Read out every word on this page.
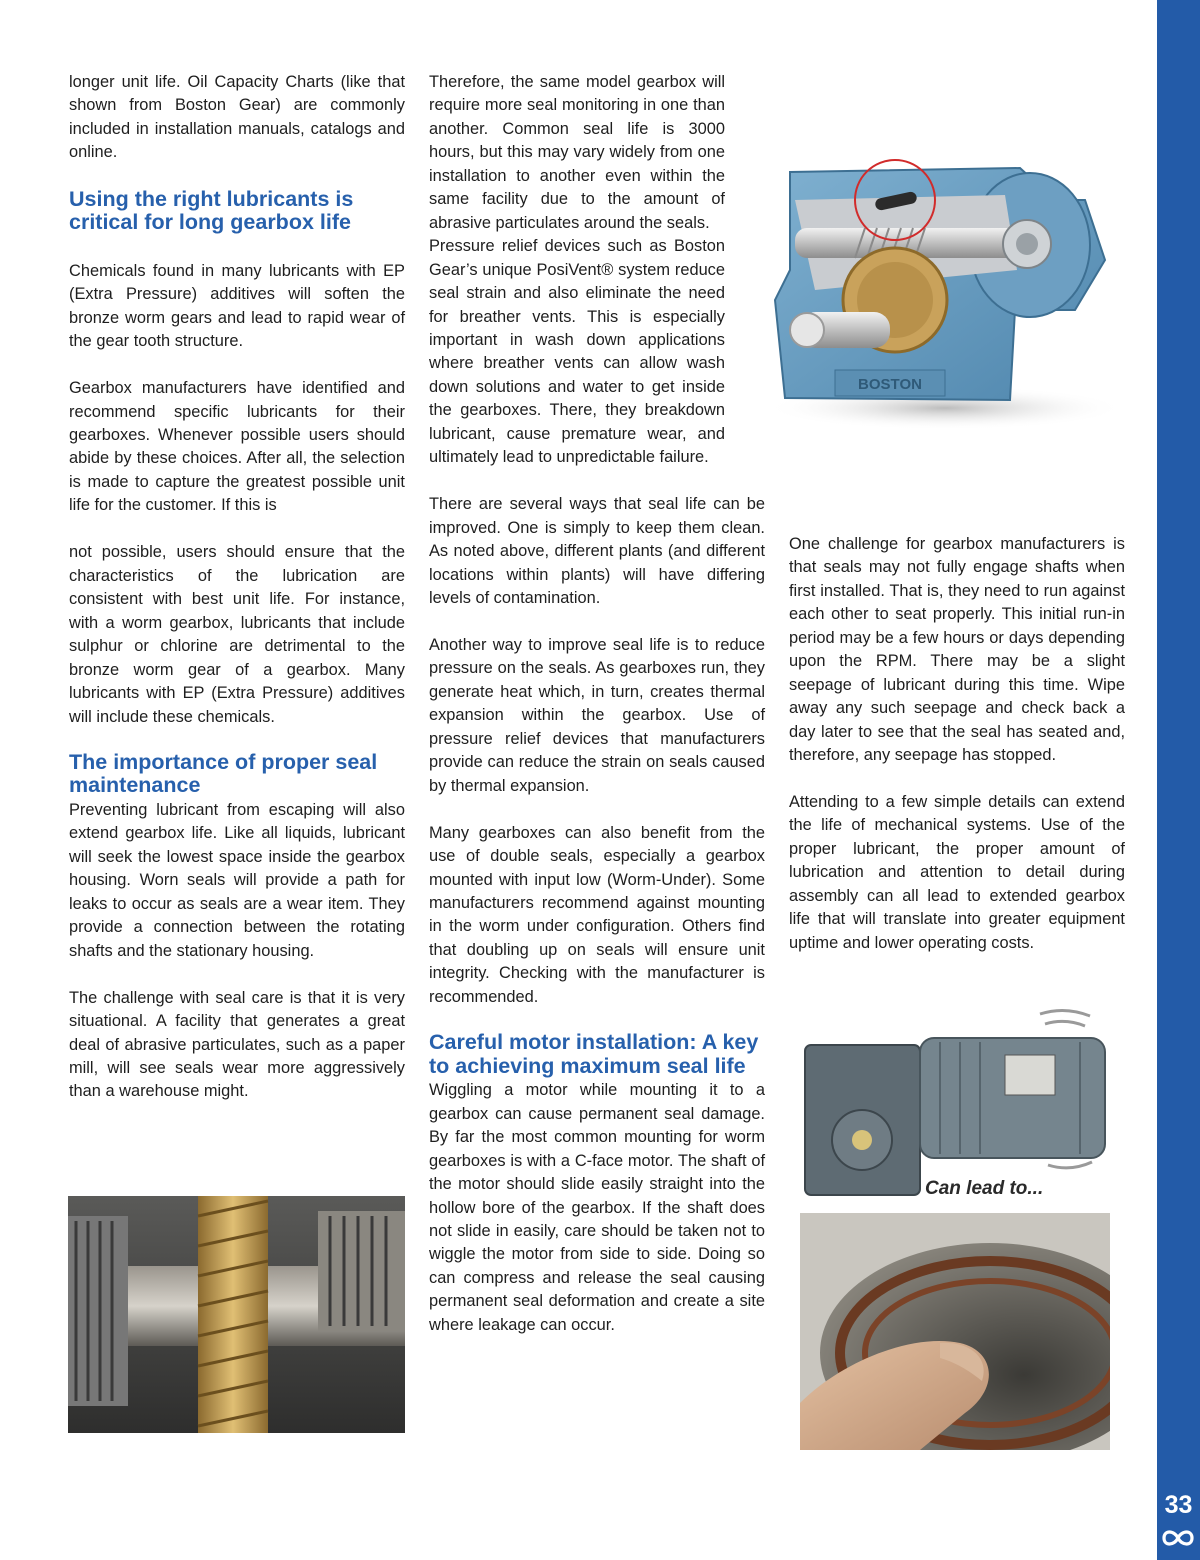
33

longer unit life. Oil Capacity Charts (like that shown from Boston Gear) are commonly included in installation manuals, catalogs and online.

Using the right lubricants is critical for long gearbox life

Chemicals found in many lubricants with EP (Extra Pressure) additives will soften the bronze worm gears and lead to rapid wear of the gear tooth structure.

Gearbox manufacturers have identified and recommend specific lubricants for their gearboxes. Whenever possible users should abide by these choices. After all, the selection is made to capture the greatest possible unit life for the customer. If this is

not possible, users should ensure that the characteristics of the lubrication are consistent with best unit life. For instance, with a worm gearbox, lubricants that include sulphur or chlorine are detrimental to the bronze worm gear of a gearbox. Many lubricants with EP (Extra Pressure) additives will include these chemicals.

The importance of proper seal maintenance

Preventing lubricant from escaping will also extend gearbox life. Like all liquids, lubricant will seek the lowest space inside the gearbox housing. Worn seals will provide a path for leaks to occur as seals are a wear item. They provide a connection between the rotating shafts and the stationary housing.

The challenge with seal care is that it is very situational. A facility that generates a great deal of abrasive particulates, such as a paper mill, will see seals wear more aggressively than a warehouse might.

Therefore, the same model gearbox will require more seal monitoring in one than another. Common seal life is 3000 hours, but this may vary widely from one installation to another even within the same facility due to the amount of abrasive particulates around the seals.

Pressure relief devices such as Boston Gear’s unique PosiVent® system reduce seal strain and also eliminate the need for breather vents. This is especially important in wash down applications where breather vents can allow wash down solutions and water to get inside the gearboxes. There, they breakdown lubricant, cause premature wear, and ultimately lead to unpredictable failure.

There are several ways that seal life can be improved. One is simply to keep them clean. As noted above, different plants (and different locations within plants) will have differing levels of contamination.

Another way to improve seal life is to reduce pressure on the seals. As gearboxes run, they generate heat which, in turn, creates thermal expansion within the gearbox. Use of pressure relief devices that manufacturers provide can reduce the strain on seals caused by thermal expansion.

Many gearboxes can also benefit from the use of double seals, especially a gearbox mounted with input low (Worm-Under). Some manufacturers recommend against mounting in the worm under configuration. Others find that doubling up on seals will ensure unit integrity. Checking with the manufacturer is recommended.

Careful motor installation: A key to achieving maximum seal life

Wiggling a motor while mounting it to a gearbox can cause permanent seal damage. By far the most common mounting for worm gearboxes is with a C-face motor. The shaft of the motor should slide easily straight into the hollow bore of the gearbox. If the shaft does not slide in easily, care should be taken not to wiggle the motor from side to side. Doing so can compress and release the seal causing permanent seal deformation and create a site where leakage can occur.

One challenge for gearbox manufacturers is that seals may not fully engage shafts when first installed. That is, they need to run against each other to seat properly. This initial run-in period may be a few hours or days depending upon the RPM. There may be a slight seepage of lubricant during this time. Wipe away any such seepage and check back a day later to see that the seal has seated and, therefore, any seepage has stopped.

Attending to a few simple details can extend the life of mechanical systems. Use of the proper lubricant, the proper amount of lubrication and attention to detail during assembly can all lead to extended gearbox life that will translate into greater equipment uptime and lower operating costs.

BOSTON
Can lead to...
